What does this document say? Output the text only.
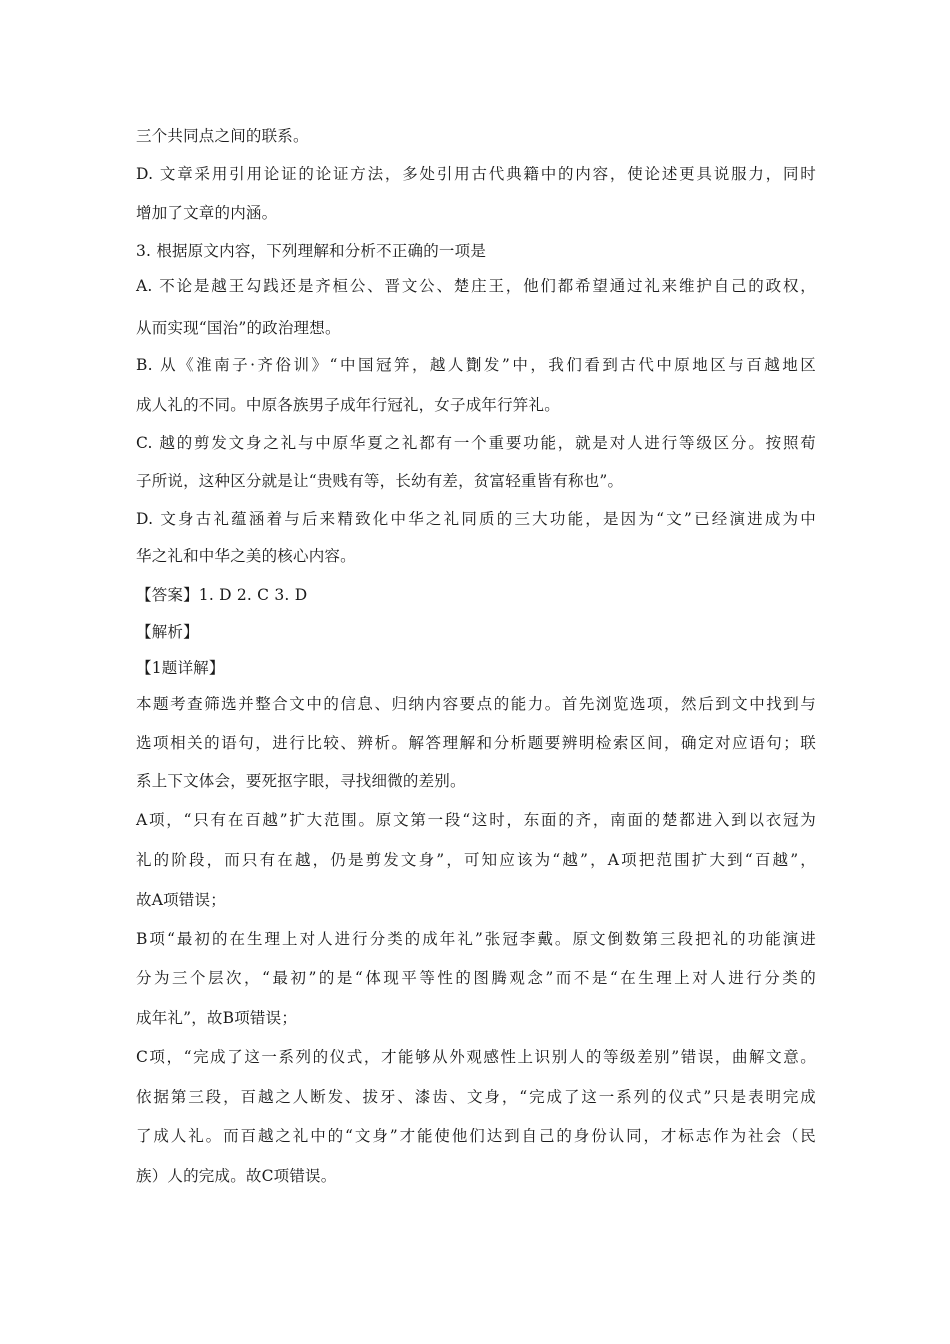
三个共同点之间的联系。
D. 文章采用引用论证的论证方法，多处引用古代典籍中的内容，使论述更具说服力，同时
增加了文章的内涵。
3. 根据原文内容，下列理解和分析不正确的一项是
A. 不论是越王勾践还是齐桓公、晋文公、楚庄王，他们都希望通过礼来维护自己的政权，
从而实现“国治”的政治理想。
B. 从《淮南子·齐俗训》“中国冠笄，越人劗发”中，我们看到古代中原地区与百越地区
成人礼的不同。中原各族男子成年行冠礼，女子成年行笄礼。
C. 越的剪发文身之礼与中原华夏之礼都有一个重要功能，就是对人进行等级区分。按照荀
子所说，这种区分就是让“贵贱有等，长幼有差，贫富轻重皆有称也”。
D. 文身古礼蕴涵着与后来精致化中华之礼同质的三大功能，是因为“文”已经演进成为中
华之礼和中华之美的核心内容。
【答案】1. D 2. C 3. D
【解析】
【1题详解】
本题考查筛选并整合文中的信息、归纳内容要点的能力。首先浏览选项，然后到文中找到与
选项相关的语句，进行比较、辨析。解答理解和分析题要辨明检索区间，确定对应语句；联
系上下文体会，要死抠字眼，寻找细微的差别。
A项，“只有在百越”扩大范围。原文第一段“这时，东面的齐，南面的楚都进入到以衣冠为
礼的阶段，而只有在越，仍是剪发文身”，可知应该为“越”，A项把范围扩大到“百越”，
故A项错误；
B项“最初的在生理上对人进行分类的成年礼”张冠李戴。原文倒数第三段把礼的功能演进
分为三个层次，“最初”的是“体现平等性的图腾观念”而不是“在生理上对人进行分类的
成年礼”，故B项错误；
C项，“完成了这一系列的仪式，才能够从外观感性上识别人的等级差别”错误，曲解文意。
依据第三段，百越之人断发、拔牙、漆齿、文身，“完成了这一系列的仪式”只是表明完成
了成人礼。而百越之礼中的“文身”才能使他们达到自己的身份认同，才标志作为社会（民
族）人的完成。故C项错误。
